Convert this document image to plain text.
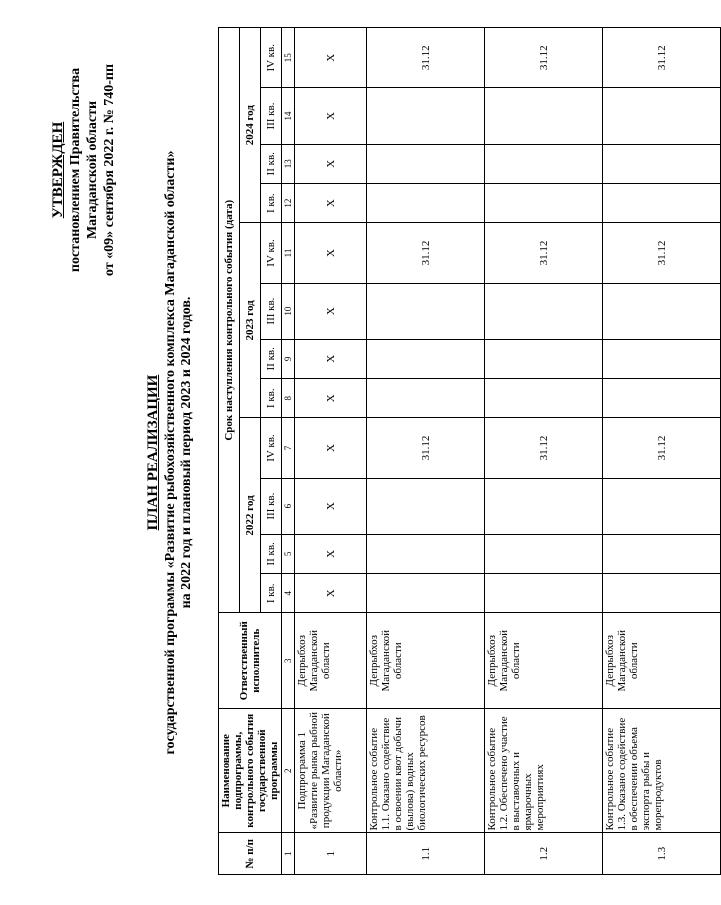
УТВЕРЖДЕН постановлением Правительства Магаданской области от «09» сентября 2022 г. № 740-пп
ПЛАН РЕАЛИЗАЦИИ государственной программы «Развитие рыбохозяйственного комплекса Магаданской области» на 2022 год и плановый период 2023 и 2024 годов.
№ п/п	Наименование подпрограммы, контрольного события государственной программы	Ответственный исполнитель	Срок наступления контрольного события (дата)											
			2022 год				2023 год				2024 год			
			I кв.	II кв.	III кв.	IV кв.	I кв.	II кв.	III кв.	IV кв.	I кв.	II кв.	III кв.	IV кв.
1	2	3	4	5	6	7	8	9	10	11	12	13	14	15
1	Подпрограмма 1 «Развитие рынка рыбной продукции Магаданской области»	Депрыбхоз Магаданской области	X	X	X	X	X	X	X	X	X	X	X	X
1.1	Контрольное событие 1.1. Оказано содействие в освоении квот добычи (вылова) водных биологических ресурсов	Депрыбхоз Магаданской области				31.12				31.12				31.12
1.2	Контрольное событие 1.2. Обеспечено участие в выставочных и ярмарочных мероприятиях	Депрыбхоз Магаданской области				31.12				31.12				31.12
1.3	Контрольное событие 1.3. Оказано содействие в обеспечении объема экспорта рыбы и морепродуктов	Депрыбхоз Магаданской области				31.12				31.12				31.12
